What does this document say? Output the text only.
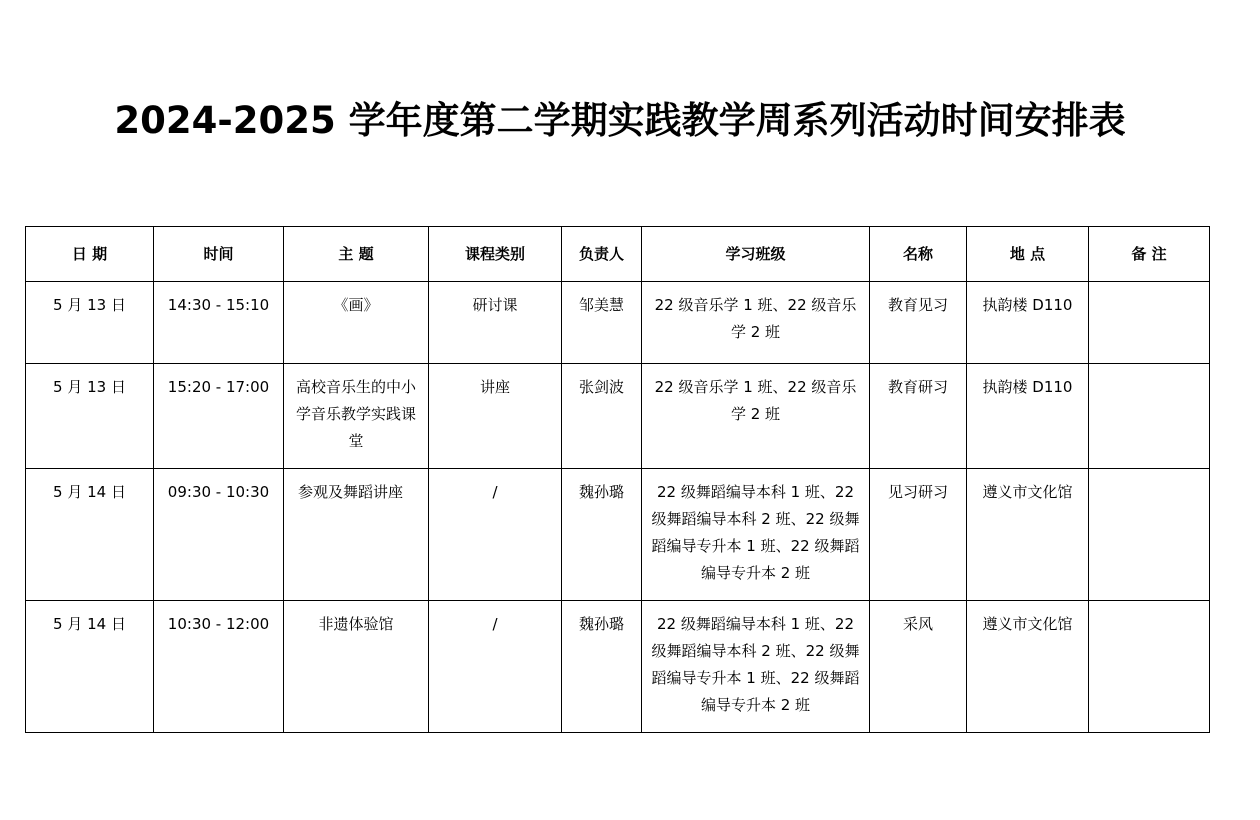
2024-2025 学年度第二学期实践教学周系列活动时间安排表
日 期	时间	主 题	课程类别	负责人	学习班级	名称	地 点	备 注
5 月 13 日	14:30 - 15:10	《画》	研讨课	邹美慧	22 级音乐学 1 班、22 级音乐学 2 班	教育见习	执韵楼 D110	
5 月 13 日	15:20 - 17:00	高校音乐生的中小学音乐教学实践课堂	讲座	张剑波	22 级音乐学 1 班、22 级音乐学 2 班	教育研习	执韵楼 D110	
5 月 14 日	09:30 - 10:30	参观及舞蹈讲座	/	魏孙璐	22 级舞蹈编导本科 1 班、22 级舞蹈编导本科 2 班、22 级舞蹈编导专升本 1 班、22 级舞蹈编导专升本 2 班	见习研习	遵义市文化馆	
5 月 14 日	10:30 - 12:00	非遗体验馆	/	魏孙璐	22 级舞蹈编导本科 1 班、22 级舞蹈编导本科 2 班、22 级舞蹈编导专升本 1 班、22 级舞蹈编导专升本 2 班	采风	遵义市文化馆	
